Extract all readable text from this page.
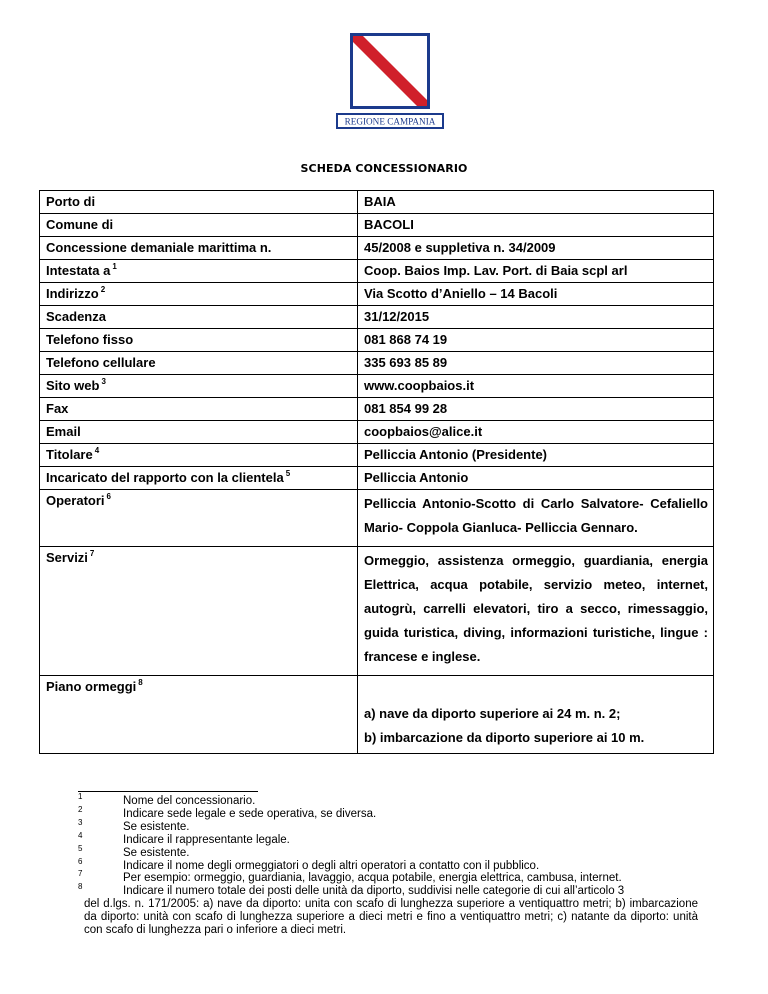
REGIONE CAMPANIA
SCHEDA CONCESSIONARIO
Porto di	BAIA
Comune di	BACOLI
Concessione demaniale marittima n.	45/2008 e suppletiva n. 34/2009
Intestata a $^1$	Coop. Baios Imp. Lav. Port. di Baia scpl arl
Indirizzo $^2$	Via Scotto d’Aniello – 14 Bacoli
Scadenza	31/12/2015
Telefono fisso	081 868 74 19
Telefono cellulare	335 693 85 89
Sito web $^3$	www.coopbaios.it
Fax	081 854 99 28
Email	coopbaios@alice.it
Titolare $^4$	Pelliccia Antonio (Presidente)
Incaricato del rapporto con la clientela $^5$	Pelliccia Antonio
Operatori $^6$	Pelliccia Antonio-Scotto di Carlo Salvatore- Cefaliello Mario- Coppola Gianluca- Pelliccia Gennaro.
Servizi $^7$	Ormeggio, assistenza ormeggio, guardiania, energia Elettrica, acqua potabile, servizio meteo, internet, autogrù, carrelli elevatori, tiro a secco, rimessaggio, guida turistica, diving, informazioni turistiche, lingue : francese e inglese.
Piano ormeggi $^8$	a) nave da diporto superiore ai 24 m. n. 2;
b) imbarcazione da diporto superiore ai 10 m.
1	Nome del concessionario.
2	Indicare sede legale e sede operativa, se diversa.
3	Se esistente.
4	Indicare il rappresentante legale.
5	Se esistente.
6	Indicare il nome degli ormeggiatori o degli altri operatori a contatto con il pubblico.
7	Per esempio: ormeggio, guardiania, lavaggio, acqua potabile, energia elettrica, cambusa, internet.
8	Indicare il numero totale dei posti delle unità da diporto, suddivisi nelle categorie di cui all’articolo 3
del d.lgs. n. 171/2005: a) nave da diporto: unita con scafo di lunghezza superiore a ventiquattro metri; b) imbarcazione da diporto: unità con scafo di lunghezza superiore a dieci metri e fino a ventiquattro metri; c) natante da diporto: unità con scafo di lunghezza pari o inferiore a dieci metri.
